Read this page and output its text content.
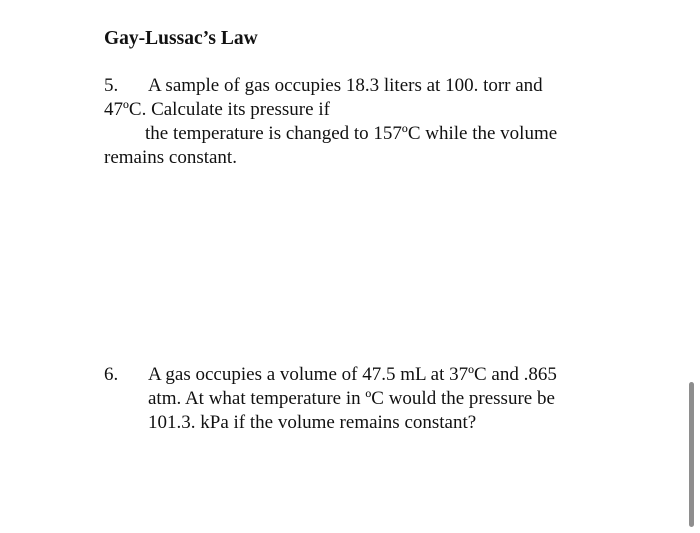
Gay-Lussac’s Law
5. A sample of gas occupies 18.3 liters at 100. torr and
47ºC. Calculate its pressure if
the temperature is changed to 157ºC while the volume
remains constant.
6. A gas occupies a volume of 47.5 mL at 37ºC and .865
atm. At what temperature in ºC would the pressure be
101.3. kPa if the volume remains constant?
